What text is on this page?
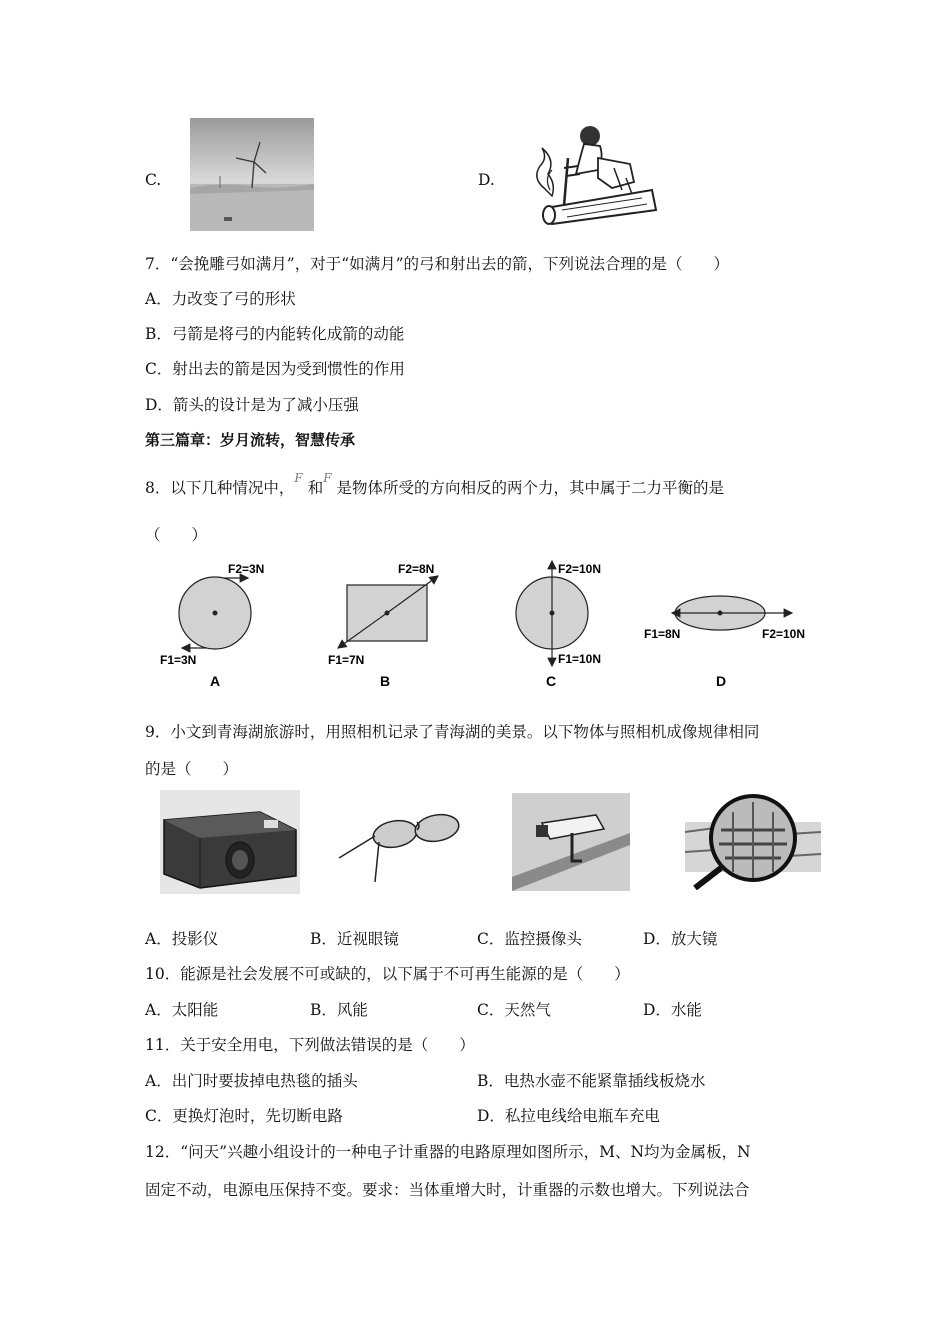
C.	D.
7．“会挽雕弓如满月”，对于“如满月”的弓和射出去的箭，下列说法合理的是（　　）
A．力改变了弓的形状
B．弓箭是将弓的内能转化成箭的动能
C．射出去的箭是因为受到惯性的作用
D．箭头的设计是为了减小压强
第三篇章：岁月流转，智慧传承
8．以下几种情况中，$^F$和$^F$是物体所受的方向相反的两个力，其中属于二力平衡的是
（　　）
F2=3N
F1=3N
A
F2=8N
F1=7N
B
F2=10N
F1=10N
C
F1=8N	F2=10N
D
9．小文到青海湖旅游时，用照相机记录了青海湖的美景。以下物体与照相机成像规律相同
的是（　　）
A．投影仪	B．近视眼镜	C．监控摄像头	D．放大镜
10．能源是社会发展不可或缺的，以下属于不可再生能源的是（　　）
A．太阳能	B．风能	C．天然气	D．水能
11．关于安全用电，下列做法错误的是（　　）
A．出门时要拔掉电热毯的插头	B．电热水壶不能紧靠插线板烧水
C．更换灯泡时，先切断电路	D．私拉电线给电瓶车充电
12．“问天”兴趣小组设计的一种电子计重器的电路原理如图所示，M、N均为金属板，N
固定不动，电源电压保持不变。要求：当体重增大时，计重器的示数也增大。下列说法合
